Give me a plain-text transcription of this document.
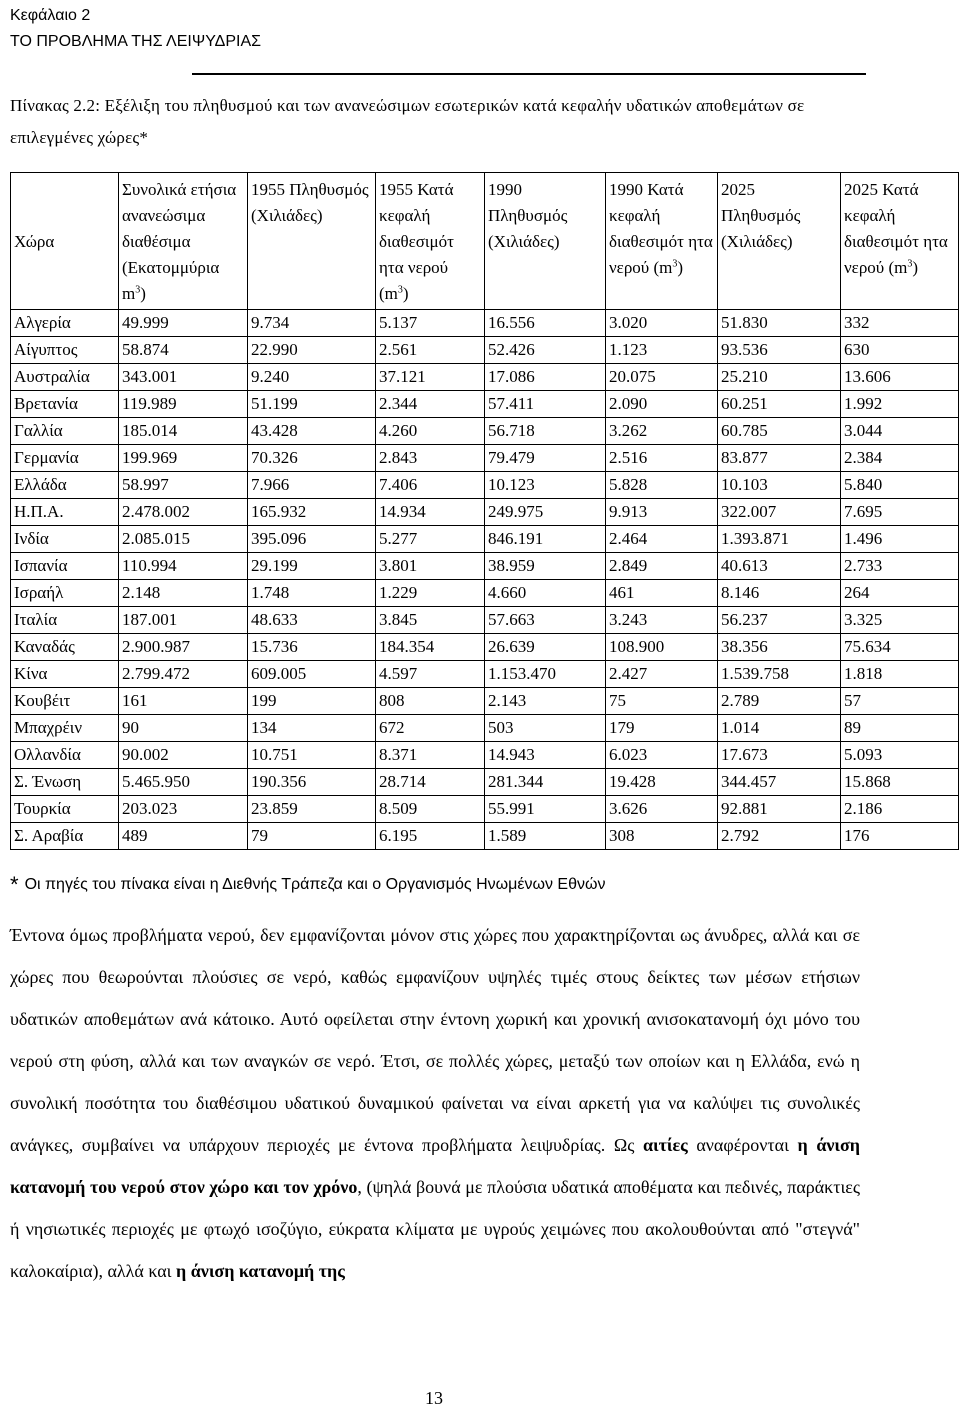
Κεφάλαιο 2
ΤΟ ΠΡΟΒΛΗΜΑ ΤΗΣ ΛΕΙΨΥΔΡΙΑΣ
Πίνακας 2.2: Εξέλιξη του πληθυσμού και των ανανεώσιμων εσωτερικών κατά κεφαλήν υδατικών αποθεμάτων σε επιλεγμένες χώρες*
Χώρα	Συνολικά ετήσια ανανεώσιμα διαθέσιμα (Εκατομμύρια $m^3$)	1955 Πληθυσμός (Χιλιάδες)	1955 Κατά κεφαλή διαθεσιμότ ητα νερού $(m^3)$	1990 Πληθυσμός (Χιλιάδες)	1990 Κατά κεφαλή διαθεσιμότ ητα νερού $(m^3)$	2025 Πληθυσμός (Χιλιάδες)	2025 Κατά κεφαλή διαθεσιμότ ητα νερού $(m^3)$
Αλγερία	49.999	9.734	5.137	16.556	3.020	51.830	332
Αίγυπτος	58.874	22.990	2.561	52.426	1.123	93.536	630
Αυστραλία	343.001	9.240	37.121	17.086	20.075	25.210	13.606
Βρετανία	119.989	51.199	2.344	57.411	2.090	60.251	1.992
Γαλλία	185.014	43.428	4.260	56.718	3.262	60.785	3.044
Γερμανία	199.969	70.326	2.843	79.479	2.516	83.877	2.384
Ελλάδα	58.997	7.966	7.406	10.123	5.828	10.103	5.840
Η.Π.Α.	2.478.002	165.932	14.934	249.975	9.913	322.007	7.695
Ινδία	2.085.015	395.096	5.277	846.191	2.464	1.393.871	1.496
Ισπανία	110.994	29.199	3.801	38.959	2.849	40.613	2.733
Ισραήλ	2.148	1.748	1.229	4.660	461	8.146	264
Ιταλία	187.001	48.633	3.845	57.663	3.243	56.237	3.325
Καναδάς	2.900.987	15.736	184.354	26.639	108.900	38.356	75.634
Κίνα	2.799.472	609.005	4.597	1.153.470	2.427	1.539.758	1.818
Κουβέιτ	161	199	808	2.143	75	2.789	57
Μπαχρέιν	90	134	672	503	179	1.014	89
Ολλανδία	90.002	10.751	8.371	14.943	6.023	17.673	5.093
Σ. Ένωση	5.465.950	190.356	28.714	281.344	19.428	344.457	15.868
Τουρκία	203.023	23.859	8.509	55.991	3.626	92.881	2.186
Σ. Αραβία	489	79	6.195	1.589	308	2.792	176
* Οι πηγές του πίνακα είναι η Διεθνής Τράπεζα και ο Οργανισμός Ηνωμένων Εθνών
Έντονα όμως προβλήματα νερού, δεν εμφανίζονται μόνον στις χώρες που χαρακτηρίζονται ως άνυδρες, αλλά και σε χώρες που θεωρούνται πλούσιες σε νερό, καθώς εμφανίζουν υψηλές τιμές στους δείκτες των μέσων ετήσιων υδατικών αποθεμάτων ανά κάτοικο. Αυτό οφείλεται στην έντονη χωρική και χρονική ανισοκατανομή όχι μόνο του νερού στη φύση, αλλά και των αναγκών σε νερό. Έτσι, σε πολλές χώρες, μεταξύ των οποίων και η Ελλάδα, ενώ η συνολική ποσότητα του διαθέσιμου υδατικού δυναμικού φαίνεται να είναι αρκετή για να καλύψει τις συνολικές ανάγκες, συμβαίνει να υπάρχουν περιοχές με έντονα προβλήματα λειψυδρίας. Ως αιτίες αναφέρονται η άνιση κατανομή του νερού στον χώρο και τον χρόνο, (ψηλά βουνά με πλούσια υδατικά αποθέματα και πεδινές, παράκτιες ή νησιωτικές περιοχές με φτωχό ισοζύγιο, εύκρατα κλίματα με υγρούς χειμώνες που ακολουθούνται από "στεγνά" καλοκαίρια), αλλά και η άνιση κατανομή της
13
